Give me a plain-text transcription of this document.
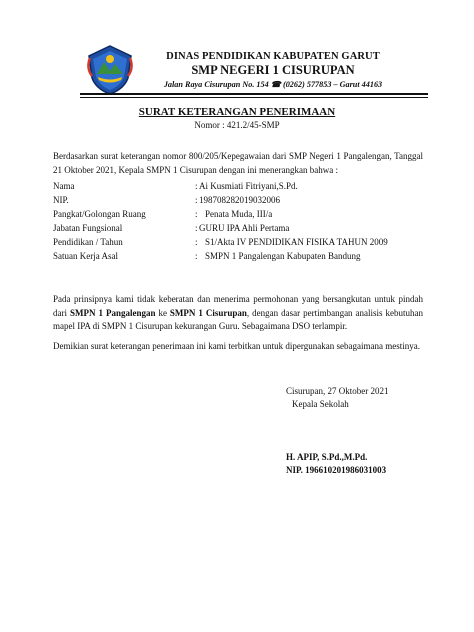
DINAS PENDIDIKAN KABUPATEN GARUT
SMP NEGERI 1 CISURUPAN
Jalan Raya Cisurupan No. 154 ☎ (0262) 577853 – Garut 44163
SURAT KETERANGAN PENERIMAAN
Nomor : 421.2/45-SMP
Berdasarkan surat keterangan nomor 800/205/Kepegawaian dari SMP Negeri 1 Pangalengan, Tanggal 21 Oktober 2021, Kepala SMPN 1 Cisurupan dengan ini menerangkan bahwa :
Nama	: Ai Kusmiati Fitriyani,S.Pd.
NIP.	: 198708282019032006
Pangkat/Golongan Ruang	: Penata Muda, III/a
Jabatan Fungsional	: GURU IPA Ahli Pertama
Pendidikan / Tahun	: S1/Akta IV PENDIDIKAN FISIKA TAHUN 2009
Satuan Kerja Asal	: SMPN 1 Pangalengan Kabupaten Bandung
Pada prinsipnya kami tidak keberatan dan menerima permohonan yang bersangkutan untuk pindah dari SMPN 1 Pangalengan ke SMPN 1 Cisurupan, dengan dasar pertimbangan analisis kebutuhan mapel IPA di SMPN 1 Cisurupan kekurangan Guru. Sebagaimana DSO terlampir.
Demikian surat keterangan penerimaan ini kami terbitkan untuk dipergunakan sebagaimana mestinya.
Cisurupan, 27 Oktober 2021
Kepala Sekolah
H. APIP, S.Pd.,M.Pd.
NIP. 196610201986031003
